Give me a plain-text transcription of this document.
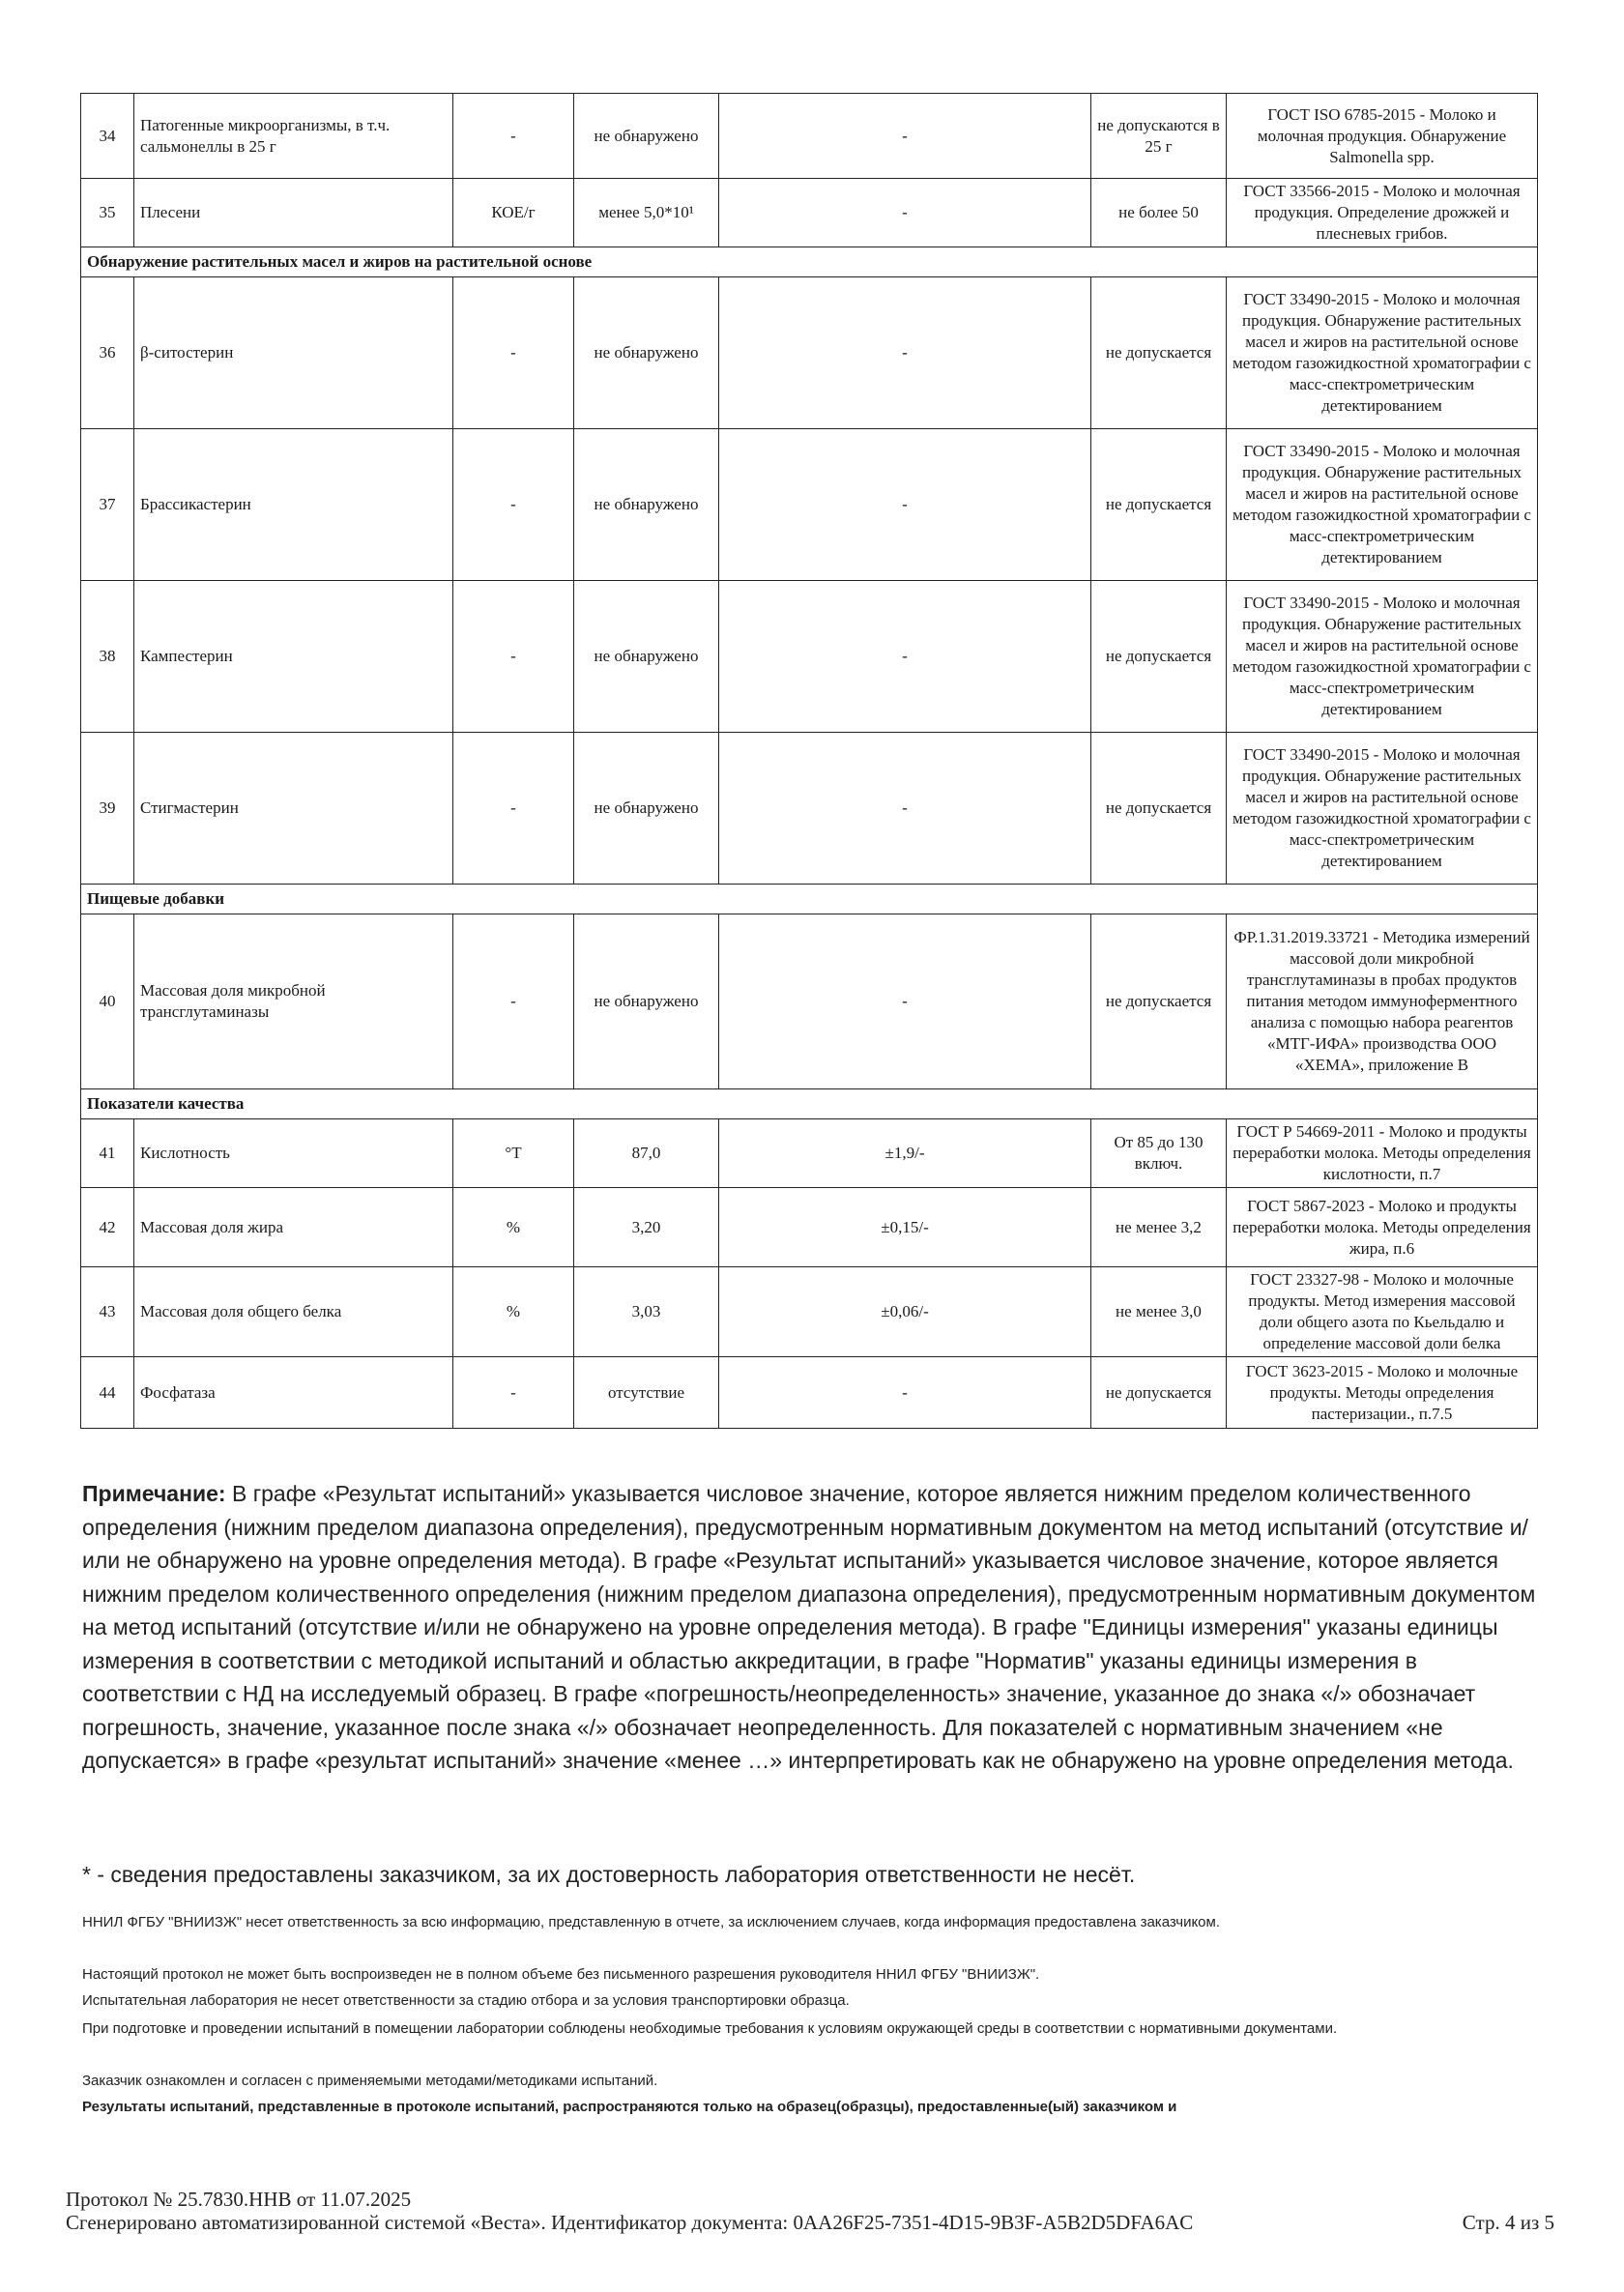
34	Патогенные микроорганизмы, в т.ч. сальмонеллы в 25 г	-	не обнаружено	-	не допускаются в 25 г	ГОСТ ISO 6785-2015 - Молоко и молочная продукция. Обнаружение Salmonella spp.
35	Плесени	КОЕ/г	менее 5,0*10¹	-	не более 50	ГОСТ 33566-2015 - Молоко и молочная продукция. Определение дрожжей и плесневых грибов.
Обнаружение растительных масел и жиров на растительной основе						
36	β-ситостерин	-	не обнаружено	-	не допускается	ГОСТ 33490-2015 - Молоко и молочная продукция. Обнаружение растительных масел и жиров на растительной основе методом газожидкостной хроматографии с масс-спектрометрическим детектированием
37	Брассикастерин	-	не обнаружено	-	не допускается	ГОСТ 33490-2015 - Молоко и молочная продукция. Обнаружение растительных масел и жиров на растительной основе методом газожидкостной хроматографии с масс-спектрометрическим детектированием
38	Кампестерин	-	не обнаружено	-	не допускается	ГОСТ 33490-2015 - Молоко и молочная продукция. Обнаружение растительных масел и жиров на растительной основе методом газожидкостной хроматографии с масс-спектрометрическим детектированием
39	Стигмастерин	-	не обнаружено	-	не допускается	ГОСТ 33490-2015 - Молоко и молочная продукция. Обнаружение растительных масел и жиров на растительной основе методом газожидкостной хроматографии с масс-спектрометрическим детектированием
Пищевые добавки						
40	Массовая доля микробной трансглутаминазы	-	не обнаружено	-	не допускается	ФР.1.31.2019.33721 - Методика измерений массовой доли микробной трансглутаминазы в пробах продуктов питания методом иммуноферментного анализа с помощью набора реагентов «МТГ-ИФА» производства ООО «ХЕМА», приложение В
Показатели качества						
41	Кислотность	°Т	87,0	±1,9/-	От 85 до 130 включ.	ГОСТ Р 54669-2011 - Молоко и продукты переработки молока. Методы определения кислотности, п.7
42	Массовая доля жира	%	3,20	±0,15/-	не менее 3,2	ГОСТ 5867-2023 - Молоко и продукты переработки молока. Методы определения жира, п.6
43	Массовая доля общего белка	%	3,03	±0,06/-	не менее 3,0	ГОСТ 23327-98 - Молоко и молочные продукты. Метод измерения массовой доли общего азота по Кьельдалю и определение массовой доли белка
44	Фосфатаза	-	отсутствие	-	не допускается	ГОСТ 3623-2015 - Молоко и молочные продукты. Методы определения пастеризации., п.7.5
Примечание: В графе «Результат испытаний» указывается числовое значение, которое является нижним пределом количественного определения (нижним пределом диапазона определения), предусмотренным нормативным документом на метод испытаний (отсутствие и/или не обнаружено на уровне определения метода). В графе «Результат испытаний» указывается числовое значение, которое является нижним пределом количественного определения (нижним пределом диапазона определения), предусмотренным нормативным документом на метод испытаний (отсутствие и/или не обнаружено на уровне определения метода). В графе "Единицы измерения" указаны единицы измерения в соответствии с методикой испытаний и областью аккредитации, в графе "Норматив" указаны единицы измерения в соответствии с НД на исследуемый образец. В графе «погрешность/неопределенность» значение, указанное до знака «/» обозначает погрешность, значение, указанное после знака «/» обозначает неопределенность. Для показателей с нормативным значением «не допускается» в графе «результат испытаний» значение «менее …» интерпретировать как не обнаружено на уровне определения метода.
* - сведения предоставлены заказчиком, за их достоверность лаборатория ответственности не несёт.
ННИЛ ФГБУ "ВНИИЗЖ" несет ответственность за всю информацию, представленную в отчете, за исключением случаев, когда информация предоставлена заказчиком.
Настоящий протокол не может быть воспроизведен не в полном объеме без письменного разрешения руководителя ННИЛ ФГБУ "ВНИИЗЖ".
Испытательная лаборатория не несет ответственности за стадию отбора и за условия транспортировки образца.
При подготовке и проведении испытаний в помещении лаборатории соблюдены необходимые требования к условиям окружающей среды в соответствии с нормативными документами.
Заказчик ознакомлен и согласен с применяемыми методами/методиками испытаний.
Результаты испытаний, представленные в протоколе испытаний, распространяются только на образец(образцы), предоставленные(ый) заказчиком и
Протокол № 25.7830.ННВ от 11.07.2025
Сгенерировано автоматизированной системой «Веста». Идентификатор документа: 0AA26F25-7351-4D15-9B3F-A5B2D5DFA6AC	Стр. 4 из 5
